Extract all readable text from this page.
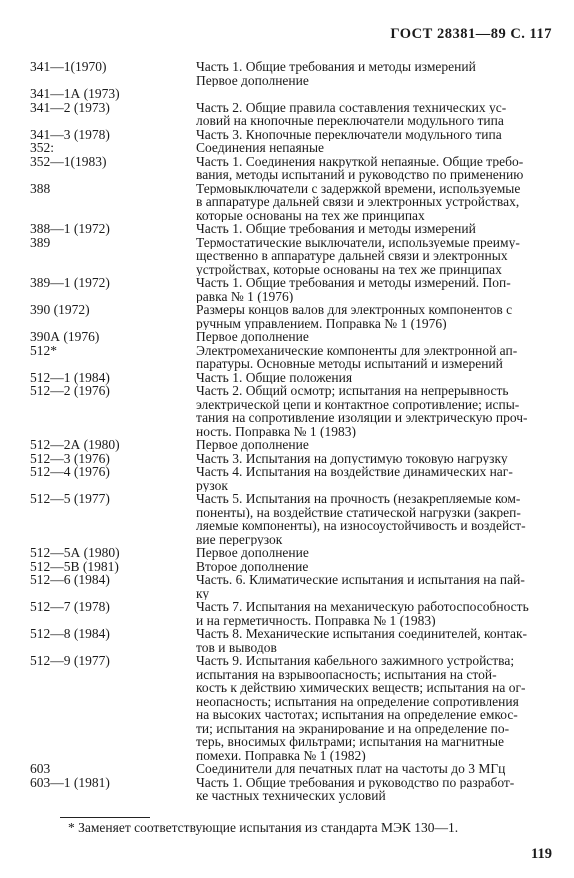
ГОСТ 28381—89 С. 117
341—1(1970)	Часть 1. Общие требования и методы измерений
Первое дополнение
341—1А (1973)

341—2 (1973)	Часть 2. Общие правила составления технических ус-
ловий на кнопочные переключатели модульного типа
341—3 (1978)	Часть 3. Кнопочные переключатели модульного типа
352:	Соединения непаяные
352—1(1983)	Часть 1. Соединения накруткой непаяные. Общие требо-
вания, методы испытаний и руководство по применению
388	Термовыключатели с задержкой времени, используемые
в аппаратуре дальней связи и электронных устройствах,
которые основаны на тех же принципах
388—1 (1972)	Часть 1. Общие требования и методы измерений
389	Термостатические выключатели, используемые преиму-
щественно в аппаратуре дальней связи и электронных
устройствах, которые основаны на тех же принципах
389—1 (1972)	Часть 1. Общие требования и методы измерений. Поп-
равка № 1 (1976)
390 (1972)	Размеры концов валов для электронных компонентов с
ручным управлением. Поправка № 1 (1976)
390А (1976)	Первое дополнение
512*	Электромеханические компоненты для электронной ап-
паратуры. Основные методы испытаний и измерений
512—1 (1984)	Часть 1. Общие положения
512—2 (1976)	Часть 2. Общий осмотр; испытания на непрерывность
электрической цепи и контактное сопротивление; испы-
тания на сопротивление изоляции и электрическую проч-
ность. Поправка № 1 (1983)
512—2А (1980)	Первое дополнение
512—3 (1976)	Часть 3. Испытания на допустимую токовую нагрузку
512—4 (1976)	Часть 4. Испытания на воздействие динамических наг-
рузок
512—5 (1977)	Часть 5. Испытания на прочность (незакрепляемые ком-
поненты), на воздействие статической нагрузки (закреп-
ляемые компоненты), на износоустойчивость и воздейст-
вие перегрузок
512—5А (1980)	Первое дополнение
512—5В (1981)	Второе дополнение
512—6 (1984)	Часть. 6. Климатические испытания и испытания на пай-
ку
512—7 (1978)	Часть 7. Испытания на механическую работоспособность
и на герметичность. Поправка № 1 (1983)
512—8 (1984)	Часть 8. Механические испытания соединителей, контак-
тов и выводов
512—9 (1977)	Часть 9. Испытания кабельного зажимного устройства;
испытания на взрывоопасность; испытания на стой-
кость к действию химических веществ; испытания на ог-
неопасность; испытания на определение сопротивления
на высоких частотах; испытания на определение емкос-
ти; испытания на экранирование и на определение по-
терь, вносимых фильтрами; испытания на магнитные
помехи. Поправка № 1 (1982)
603	Соединители для печатных плат на частоты до 3 МГц
603—1 (1981)	Часть 1. Общие требования и руководство по разработ-
ке частных технических условий
* Заменяет соответствующие испытания из стандарта МЭК 130—1.
119
